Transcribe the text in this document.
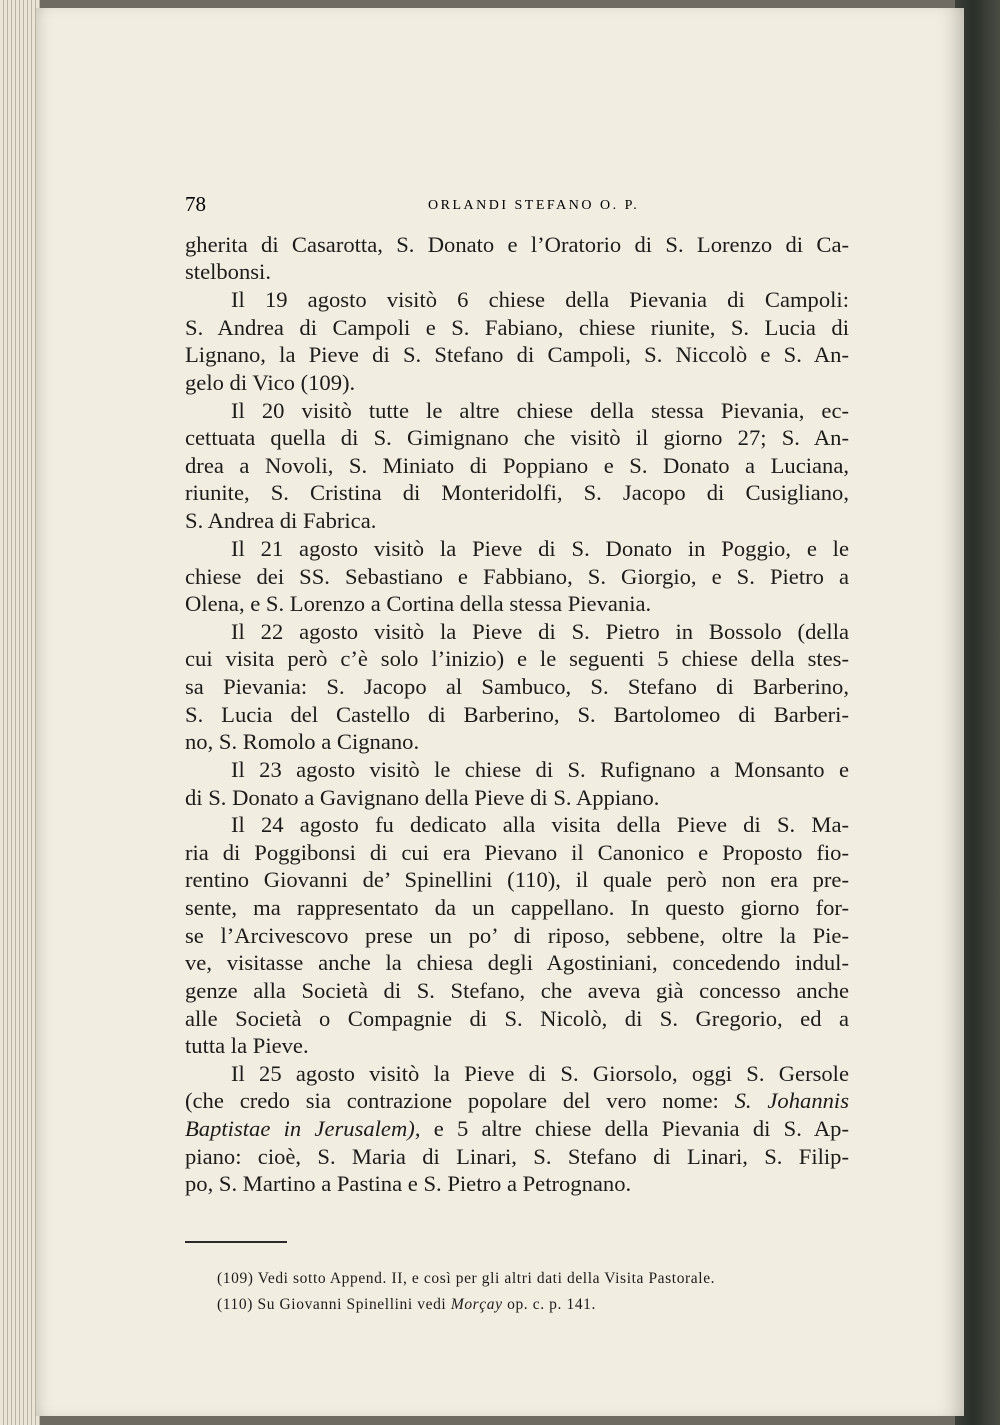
78	ORLANDI STEFANO O. P.
gherita di Casarotta, S. Donato e l’Oratorio di S. Lorenzo di Ca-
stelbonsi.
Il 19 agosto visitò 6 chiese della Pievania di Campoli:
S. Andrea di Campoli e S. Fabiano, chiese riunite, S. Lucia di
Lignano, la Pieve di S. Stefano di Campoli, S. Niccolò e S. An-
gelo di Vico (109).
Il 20 visitò tutte le altre chiese della stessa Pievania, ec-
cettuata quella di S. Gimignano che visitò il giorno 27; S. An-
drea a Novoli, S. Miniato di Poppiano e S. Donato a Luciana,
riunite, S. Cristina di Monteridolfi, S. Jacopo di Cusigliano,
S. Andrea di Fabrica.
Il 21 agosto visitò la Pieve di S. Donato in Poggio, e le
chiese dei SS. Sebastiano e Fabbiano, S. Giorgio, e S. Pietro a
Olena, e S. Lorenzo a Cortina della stessa Pievania.
Il 22 agosto visitò la Pieve di S. Pietro in Bossolo (della
cui visita però c’è solo l’inizio) e le seguenti 5 chiese della stes-
sa Pievania: S. Jacopo al Sambuco, S. Stefano di Barberino,
S. Lucia del Castello di Barberino, S. Bartolomeo di Barberi-
no, S. Romolo a Cignano.
Il 23 agosto visitò le chiese di S. Rufignano a Monsanto e
di S. Donato a Gavignano della Pieve di S. Appiano.
Il 24 agosto fu dedicato alla visita della Pieve di S. Ma-
ria di Poggibonsi di cui era Pievano il Canonico e Proposto fio-
rentino Giovanni de’ Spinellini (110), il quale però non era pre-
sente, ma rappresentato da un cappellano. In questo giorno for-
se l’Arcivescovo prese un po’ di riposo, sebbene, oltre la Pie-
ve, visitasse anche la chiesa degli Agostiniani, concedendo indul-
genze alla Società di S. Stefano, che aveva già concesso anche
alle Società o Compagnie di S. Nicolò, di S. Gregorio, ed a
tutta la Pieve.
Il 25 agosto visitò la Pieve di S. Giorsolo, oggi S. Gersole
(che credo sia contrazione popolare del vero nome: S. Johannis
Baptistae in Jerusalem), e 5 altre chiese della Pievania di S. Ap-
piano: cioè, S. Maria di Linari, S. Stefano di Linari, S. Filip-
po, S. Martino a Pastina e S. Pietro a Petrognano.
(109) Vedi sotto Append. II, e così per gli altri dati della Visita Pastorale.
(110) Su Giovanni Spinellini vedi Morçay op. c. p. 141.
